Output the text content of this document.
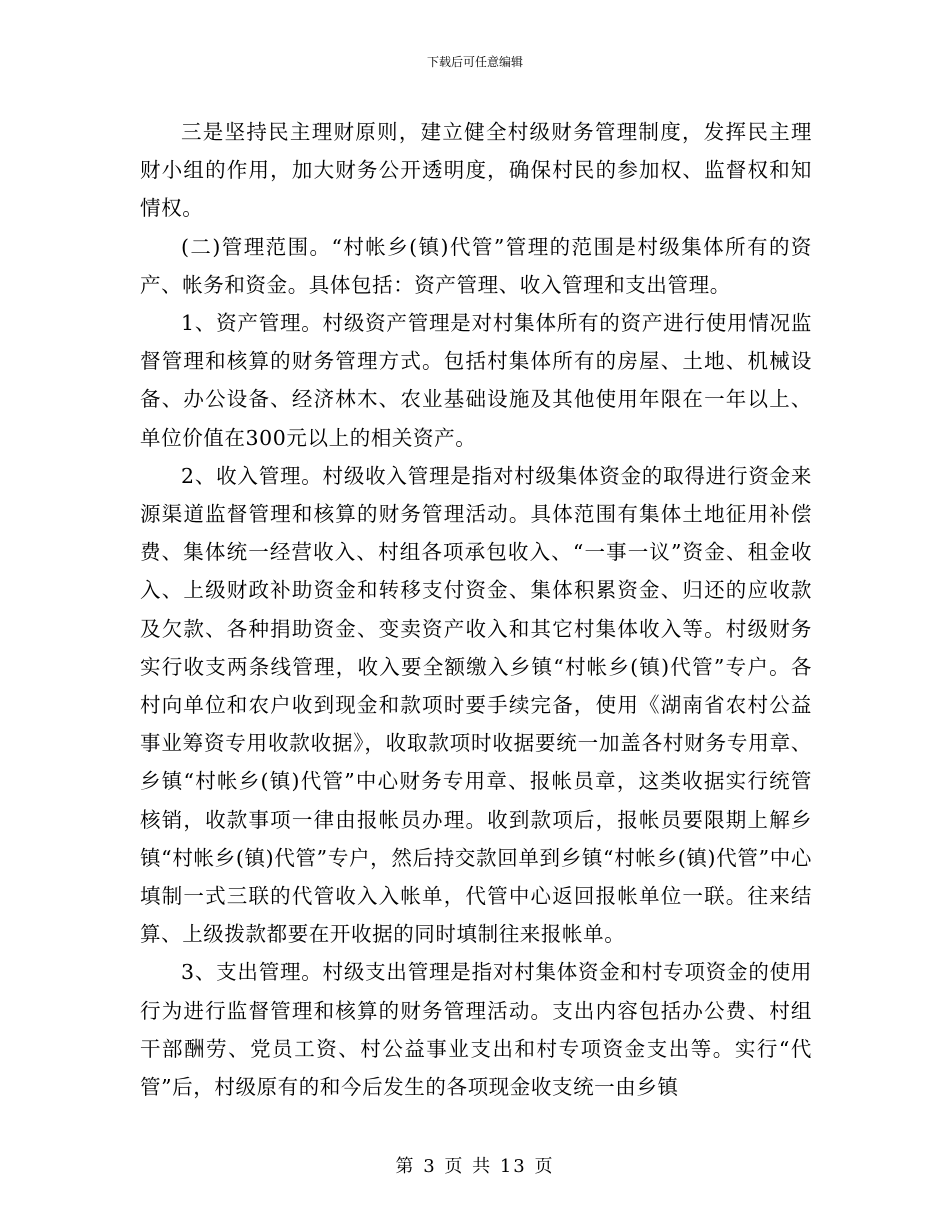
下载后可任意编辑

三是坚持民主理财原则，建立健全村级财务管理制度，发挥民主理财小组的作用，加大财务公开透明度，确保村民的参加权、监督权和知情权。

(二)管理范围。“村帐乡(镇)代管”管理的范围是村级集体所有的资产、帐务和资金。具体包括：资产管理、收入管理和支出管理。

1、资产管理。村级资产管理是对村集体所有的资产进行使用情况监督管理和核算的财务管理方式。包括村集体所有的房屋、土地、机械设备、办公设备、经济林木、农业基础设施及其他使用年限在一年以上、单位价值在300元以上的相关资产。

2、收入管理。村级收入管理是指对村级集体资金的取得进行资金来源渠道监督管理和核算的财务管理活动。具体范围有集体土地征用补偿费、集体统一经营收入、村组各项承包收入、“一事一议”资金、租金收入、上级财政补助资金和转移支付资金、集体积累资金、归还的应收款及欠款、各种捐助资金、变卖资产收入和其它村集体收入等。村级财务实行收支两条线管理，收入要全额缴入乡镇“村帐乡(镇)代管”专户。各村向单位和农户收到现金和款项时要手续完备，使用《湖南省农村公益事业筹资专用收款收据》，收取款项时收据要统一加盖各村财务专用章、乡镇“村帐乡(镇)代管”中心财务专用章、报帐员章，这类收据实行统管核销，收款事项一律由报帐员办理。收到款项后，报帐员要限期上解乡镇“村帐乡(镇)代管”专户，然后持交款回单到乡镇“村帐乡(镇)代管”中心填制一式三联的代管收入入帐单，代管中心返回报帐单位一联。往来结算、上级拨款都要在开收据的同时填制往来报帐单。

3、支出管理。村级支出管理是指对村集体资金和村专项资金的使用行为进行监督管理和核算的财务管理活动。支出内容包括办公费、村组干部酬劳、党员工资、村公益事业支出和村专项资金支出等。实行“代管”后，村级原有的和今后发生的各项现金收支统一由乡镇

第 3 页 共 13 页
